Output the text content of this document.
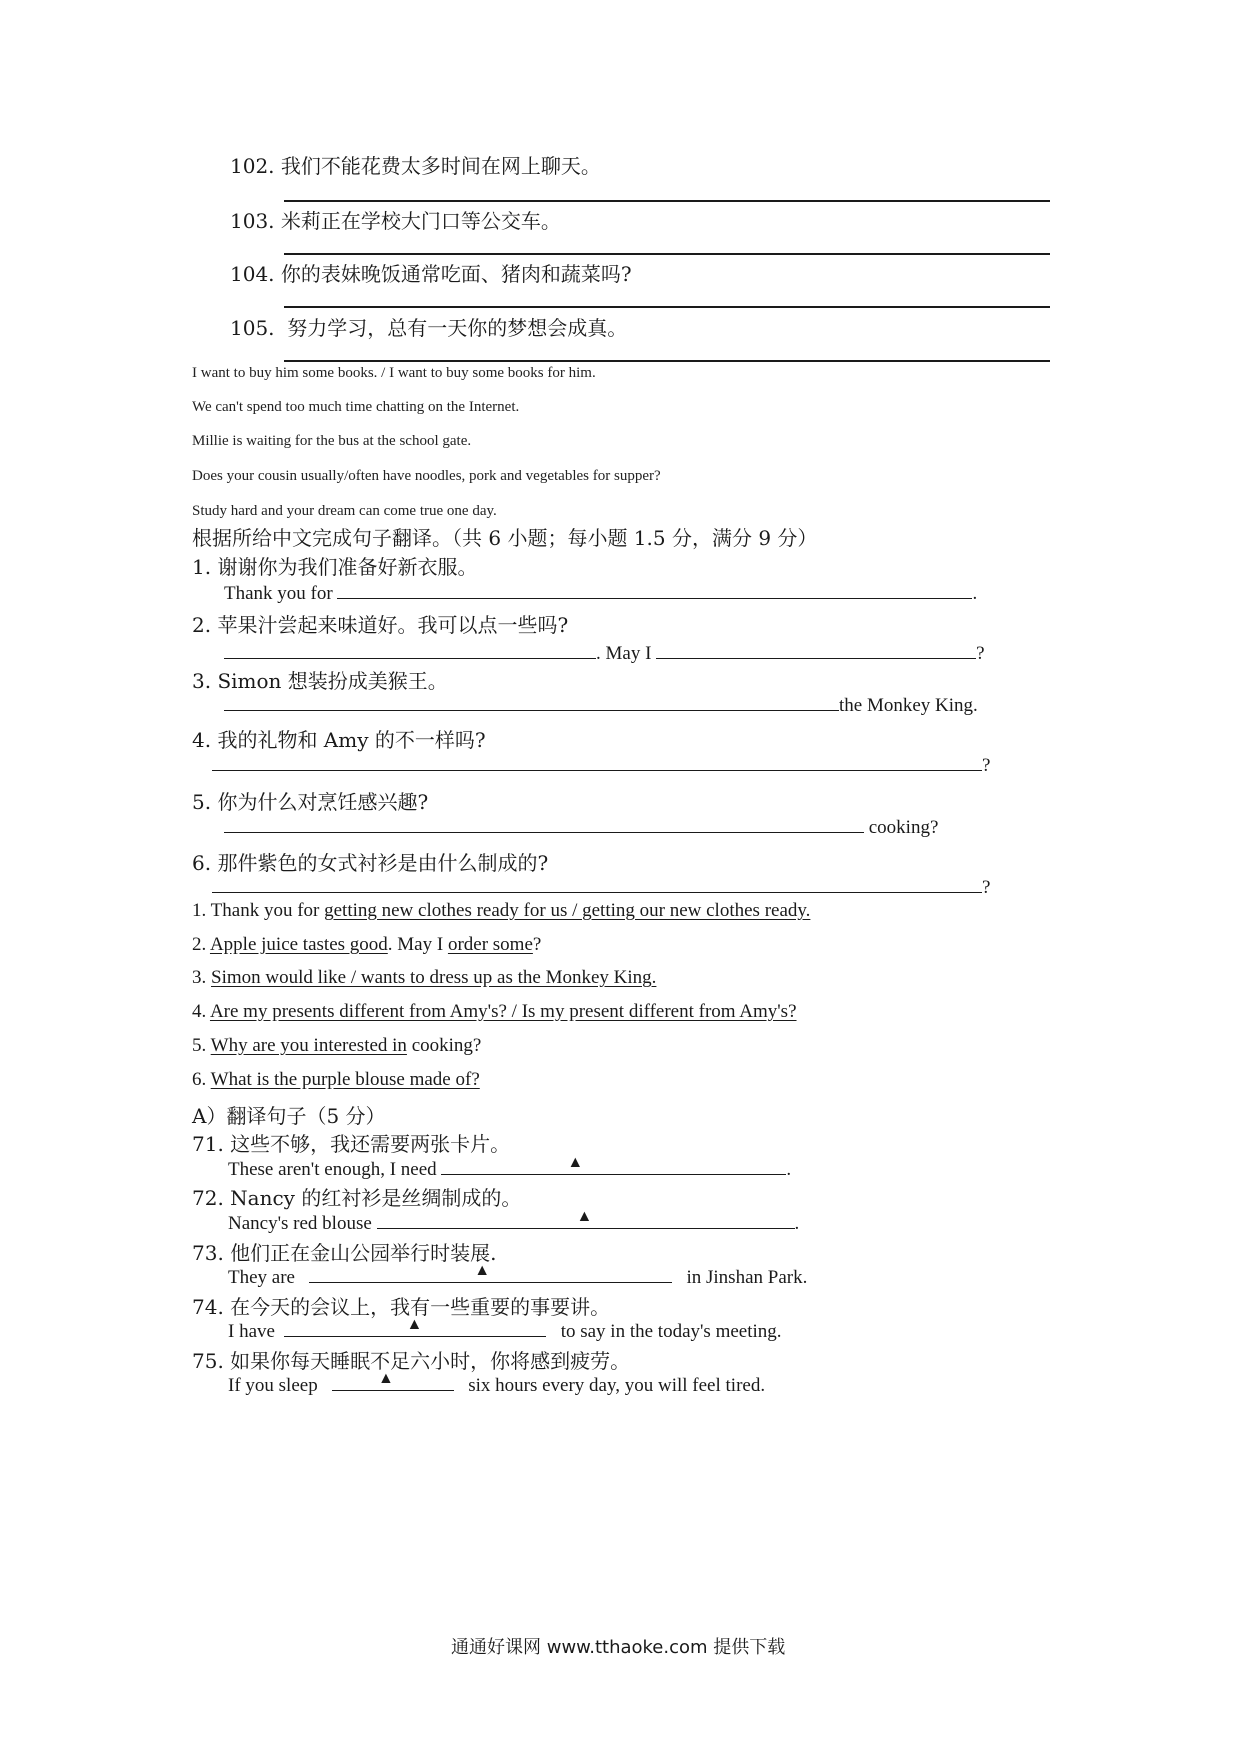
102. 我们不能花费太多时间在网上聊天。
103. 米莉正在学校大门口等公交车。
104. 你的表妹晚饭通常吃面、猪肉和蔬菜吗?
105. 努力学习，总有一天你的梦想会成真。
I want to buy him some books. / I want to buy some books for him.
We can't spend too much time chatting on the Internet.
Millie is waiting for the bus at the school gate.
Does your cousin usually/often have noodles, pork and vegetables for supper?
Study hard and your dream can come true one day.
根据所给中文完成句子翻译。（共 6 小题；每小题 1.5 分，满分 9 分）
1. 谢谢你为我们准备好新衣服。
Thank you for	.
2. 苹果汁尝起来味道好。我可以点一些吗?
. May I	?
3. Simon 想装扮成美猴王。
the Monkey King.
4. 我的礼物和 Amy 的不一样吗?
?
5. 你为什么对烹饪感兴趣?
cooking?
6. 那件紫色的女式衬衫是由什么制成的?
?
1. Thank you for getting new clothes ready for us / getting our new clothes ready.
2. Apple juice tastes good. May I order some?
3. Simon would like / wants to dress up as the Monkey King.
4. Are my presents different from Amy's? / Is my present different from Amy's?
5. Why are you interested in cooking?
6. What is the purple blouse made of?
A）翻译句子（5 分）
71. 这些不够，我还需要两张卡片。
These aren't enough, I need	▲	.
72. Nancy 的红衬衫是丝绸制成的。
Nancy's red blouse	▲	.
73. 他们正在金山公园举行时装展.
They are	▲	in Jinshan Park.
74. 在今天的会议上，我有一些重要的事要讲。
I have	▲	to say in the today's meeting.
75. 如果你每天睡眠不足六小时，你将感到疲劳。
If you sleep	▲	six hours every day, you will feel tired.
通通好课网 www.tthaoke.com 提供下载
